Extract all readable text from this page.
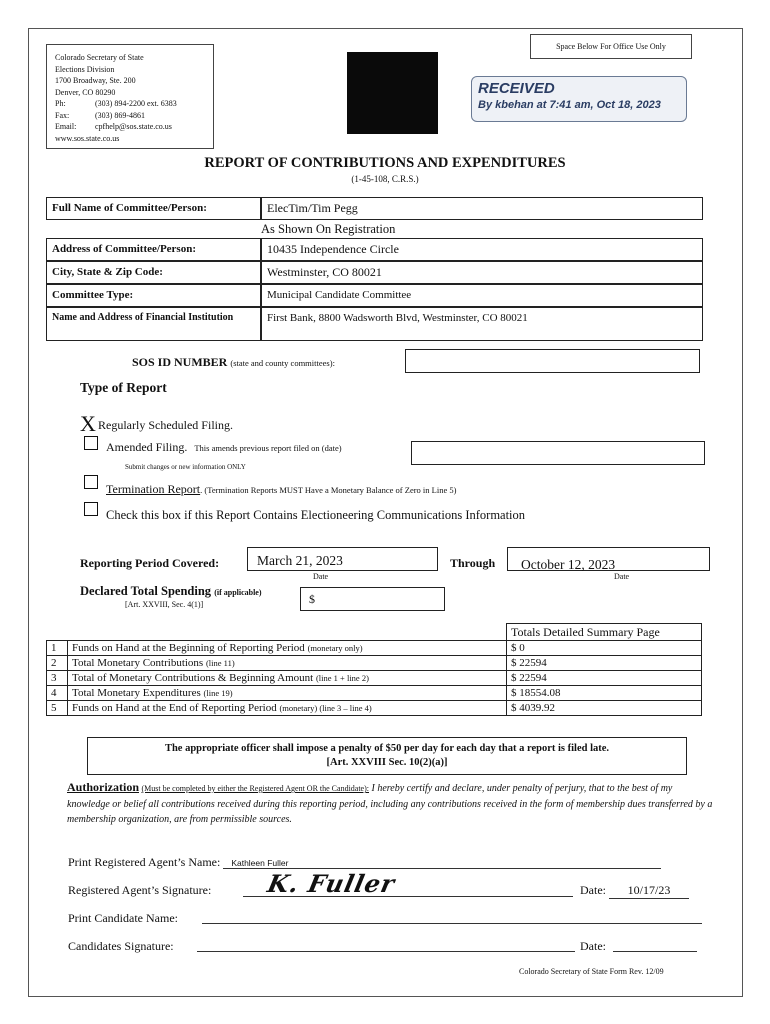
Colorado Secretary of State
Elections Division
1700 Broadway, Ste. 200
Denver, CO 80290
Ph:	(303) 894-2200 ext. 6383
Fax:	(303) 869-4861
Email: cpfhelp@sos.state.co.us
www.sos.state.co.us
Space Below For Office Use Only
RECEIVED
By kbehan at 7:41 am, Oct 18, 2023
REPORT OF CONTRIBUTIONS AND EXPENDITURES
(1-45-108, C.R.S.)
Full Name of Committee/Person:	ElecTim/Tim Pegg
As Shown On Registration
Address of Committee/Person:	10435 Independence Circle
City, State & Zip Code:	Westminster, CO 80021
Committee Type:	Municipal Candidate Committee
Name and Address of Financial Institution	First Bank, 8800 Wadsworth Blvd, Westminster, CO 80021
SOS ID NUMBER (state and county committees):
Type of Report
X Regularly Scheduled Filing.
Amended Filing. This amends previous report filed on (date)
Submit changes or new information ONLY
Termination Report. (Termination Reports MUST Have a Monetary Balance of Zero in Line 5)
Check this box if this Report Contains Electioneering Communications Information
Reporting Period Covered:	March 21, 2023
Date
Through	October 12, 2023
Date
Declared Total Spending (if applicable)
[Art. XXVIII, Sec. 4(1)]	$
		Totals Detailed Summary Page
1	Funds on Hand at the Beginning of Reporting Period (monetary only)	$ 0
2	Total Monetary Contributions (line 11)	$ 22594
3	Total of Monetary Contributions & Beginning Amount (line 1 + line 2)	$ 22594
4	Total Monetary Expenditures (line 19)	$ 18554.08
5	Funds on Hand at the End of Reporting Period (monetary) (line 3 – line 4)	$ 4039.92
The appropriate officer shall impose a penalty of $50 per day for each day that a report is filed late.
[Art. XXVIII Sec. 10(2)(a)]
Authorization (Must be completed by either the Registered Agent OR the Candidate): I hereby certify and declare, under penalty of perjury, that to the best of my knowledge or belief all contributions received during this reporting period, including any contributions received in the form of membership dues transferred by a membership organization, are from permissible sources.
Print Registered Agent’s Name: Kathleen Fuller
Registered Agent’s Signature: K. Fuller	Date: 10/17/23
Print Candidate Name:
Candidates Signature:	Date:
Colorado Secretary of State Form Rev. 12/09
